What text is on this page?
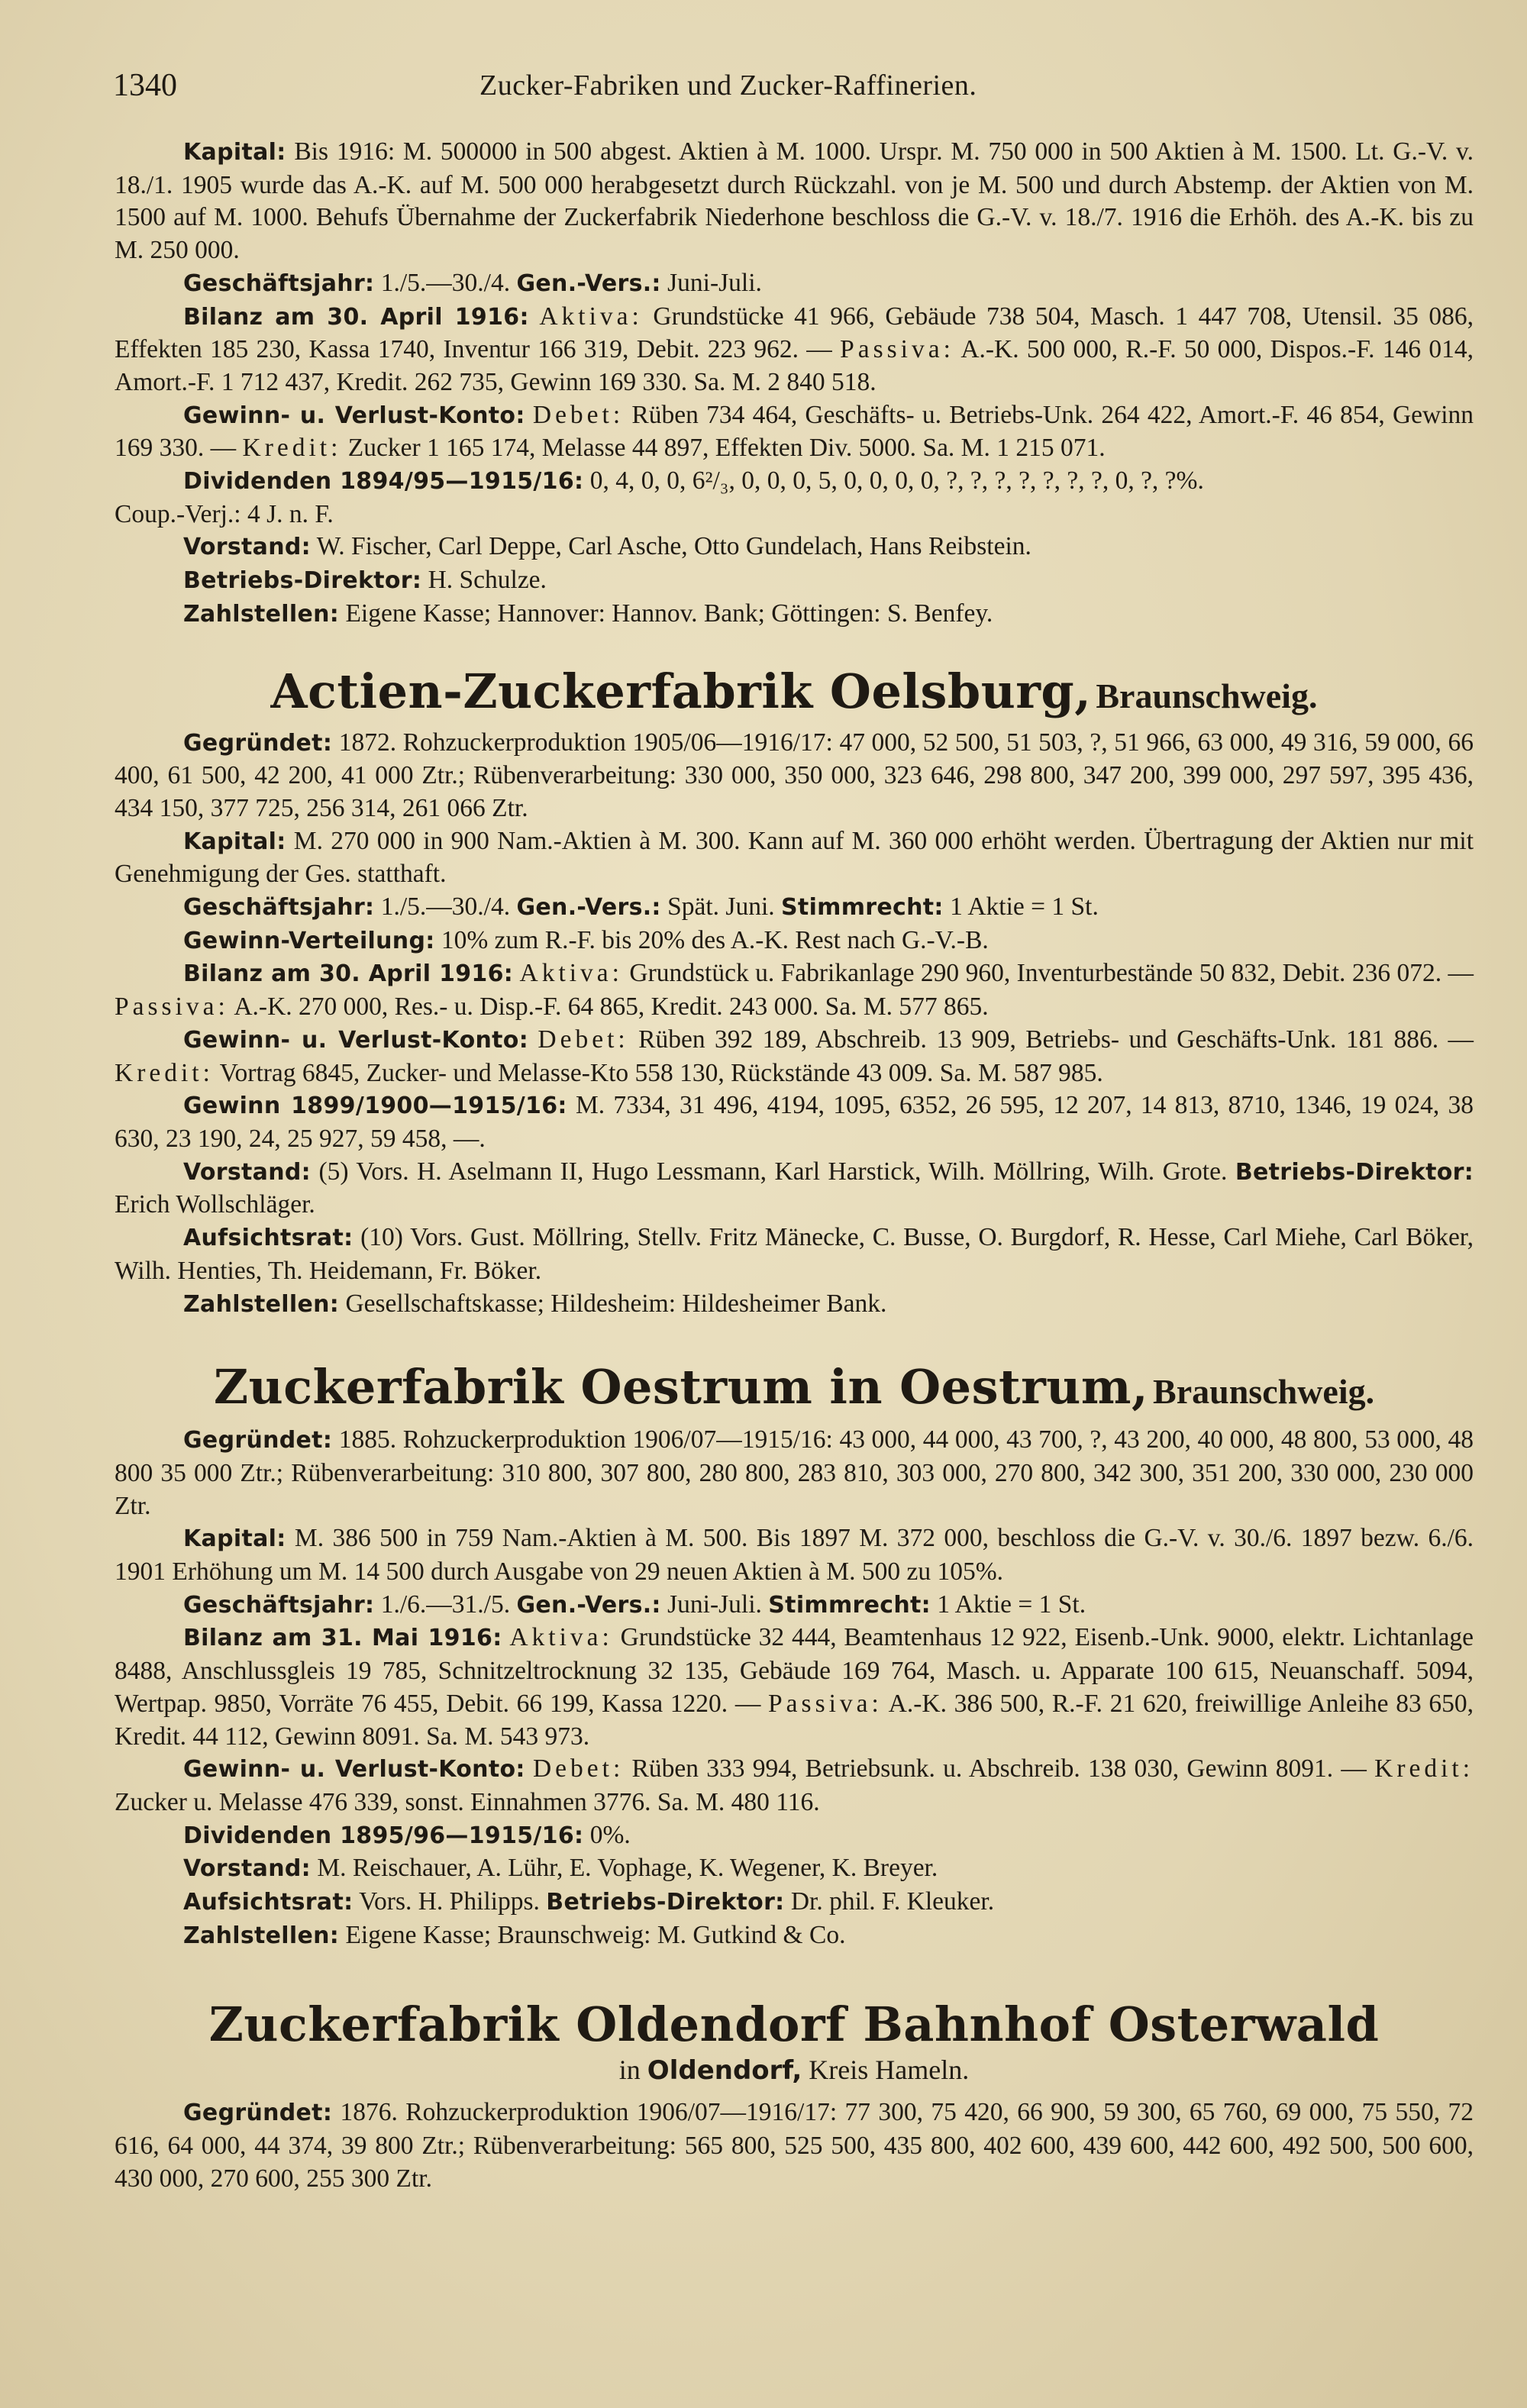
1340	Zucker-Fabriken und Zucker-Raffinerien.

Kapital: Bis 1916: M. 500000 in 500 abgest. Aktien à M. 1000. Urspr. M. 750 000 in 500 Aktien à M. 1500. Lt. G.-V. v. 18./1. 1905 wurde das A.-K. auf M. 500 000 herabgesetzt durch Rückzahl. von je M. 500 und durch Abstemp. der Aktien von M. 1500 auf M. 1000. Behufs Übernahme der Zuckerfabrik Niederhone beschloss die G.-V. v. 18./7. 1916 die Erhöh. des A.-K. bis zu M. 250 000.

Geschäftsjahr: 1./5.—30./4. Gen.-Vers.: Juni-Juli.

Bilanz am 30. April 1916: Aktiva: Grundstücke 41 966, Gebäude 738 504, Masch. 1 447 708, Utensil. 35 086, Effekten 185 230, Kassa 1740, Inventur 166 319, Debit. 223 962. — Passiva: A.-K. 500 000, R.-F. 50 000, Dispos.-F. 146 014, Amort.-F. 1 712 437, Kredit. 262 735, Gewinn 169 330. Sa. M. 2 840 518.

Gewinn- u. Verlust-Konto: Debet: Rüben 734 464, Geschäfts- u. Betriebs-Unk. 264 422, Amort.-F. 46 854, Gewinn 169 330. — Kredit: Zucker 1 165 174, Melasse 44 897, Effekten Div. 5000. Sa. M. 1 215 071.

Dividenden 1894/95—1915/16: 0, 4, 0, 0, 6²/₃, 0, 0, 0, 5, 0, 0, 0, 0, ?, ?, ?, ?, ?, ?, ?, 0, ?, ?%.

Coup.-Verj.: 4 J. n. F.

Vorstand: W. Fischer, Carl Deppe, Carl Asche, Otto Gundelach, Hans Reibstein.

Betriebs-Direktor: H. Schulze.

Zahlstellen: Eigene Kasse; Hannover: Hannov. Bank; Göttingen: S. Benfey.

Actien-Zuckerfabrik Oelsburg, Braunschweig.

Gegründet: 1872. Rohzuckerproduktion 1905/06—1916/17: 47 000, 52 500, 51 503, ?, 51 966, 63 000, 49 316, 59 000, 66 400, 61 500, 42 200, 41 000 Ztr.; Rübenverarbeitung: 330 000, 350 000, 323 646, 298 800, 347 200, 399 000, 297 597, 395 436, 434 150, 377 725, 256 314, 261 066 Ztr.

Kapital: M. 270 000 in 900 Nam.-Aktien à M. 300. Kann auf M. 360 000 erhöht werden. Übertragung der Aktien nur mit Genehmigung der Ges. statthaft.

Geschäftsjahr: 1./5.—30./4. Gen.-Vers.: Spät. Juni. Stimmrecht: 1 Aktie = 1 St.

Gewinn-Verteilung: 10% zum R.-F. bis 20% des A.-K. Rest nach G.-V.-B.

Bilanz am 30. April 1916: Aktiva: Grundstück u. Fabrikanlage 290 960, Inventurbestände 50 832, Debit. 236 072. — Passiva: A.-K. 270 000, Res.- u. Disp.-F. 64 865, Kredit. 243 000. Sa. M. 577 865.

Gewinn- u. Verlust-Konto: Debet: Rüben 392 189, Abschreib. 13 909, Betriebs- und Geschäfts-Unk. 181 886. — Kredit: Vortrag 6845, Zucker- und Melasse-Kto 558 130, Rückstände 43 009. Sa. M. 587 985.

Gewinn 1899/1900—1915/16: M. 7334, 31 496, 4194, 1095, 6352, 26 595, 12 207, 14 813, 8710, 1346, 19 024, 38 630, 23 190, 24, 25 927, 59 458, —.

Vorstand: (5) Vors. H. Aselmann II, Hugo Lessmann, Karl Harstick, Wilh. Möllring, Wilh. Grote. Betriebs-Direktor: Erich Wollschläger.

Aufsichtsrat: (10) Vors. Gust. Möllring, Stellv. Fritz Mänecke, C. Busse, O. Burgdorf, R. Hesse, Carl Miehe, Carl Böker, Wilh. Henties, Th. Heidemann, Fr. Böker.

Zahlstellen: Gesellschaftskasse; Hildesheim: Hildesheimer Bank.

Zuckerfabrik Oestrum in Oestrum, Braunschweig.

Gegründet: 1885. Rohzuckerproduktion 1906/07—1915/16: 43 000, 44 000, 43 700, ?, 43 200, 40 000, 48 800, 53 000, 48 800 35 000 Ztr.; Rübenverarbeitung: 310 800, 307 800, 280 800, 283 810, 303 000, 270 800, 342 300, 351 200, 330 000, 230 000 Ztr.

Kapital: M. 386 500 in 759 Nam.-Aktien à M. 500. Bis 1897 M. 372 000, beschloss die G.-V. v. 30./6. 1897 bezw. 6./6. 1901 Erhöhung um M. 14 500 durch Ausgabe von 29 neuen Aktien à M. 500 zu 105%.

Geschäftsjahr: 1./6.—31./5. Gen.-Vers.: Juni-Juli. Stimmrecht: 1 Aktie = 1 St.

Bilanz am 31. Mai 1916: Aktiva: Grundstücke 32 444, Beamtenhaus 12 922, Eisenb.-Unk. 9000, elektr. Lichtanlage 8488, Anschlussgleis 19 785, Schnitzeltrocknung 32 135, Gebäude 169 764, Masch. u. Apparate 100 615, Neuanschaff. 5094, Wertpap. 9850, Vorräte 76 455, Debit. 66 199, Kassa 1220. — Passiva: A.-K. 386 500, R.-F. 21 620, freiwillige Anleihe 83 650, Kredit. 44 112, Gewinn 8091. Sa. M. 543 973.

Gewinn- u. Verlust-Konto: Debet: Rüben 333 994, Betriebsunk. u. Abschreib. 138 030, Gewinn 8091. — Kredit: Zucker u. Melasse 476 339, sonst. Einnahmen 3776. Sa. M. 480 116.

Dividenden 1895/96—1915/16: 0%.

Vorstand: M. Reischauer, A. Lühr, E. Vophage, K. Wegener, K. Breyer.

Aufsichtsrat: Vors. H. Philipps. Betriebs-Direktor: Dr. phil. F. Kleuker.

Zahlstellen: Eigene Kasse; Braunschweig: M. Gutkind & Co.

Zuckerfabrik Oldendorf Bahnhof Osterwald

in Oldendorf, Kreis Hameln.

Gegründet: 1876. Rohzuckerproduktion 1906/07—1916/17: 77 300, 75 420, 66 900, 59 300, 65 760, 69 000, 75 550, 72 616, 64 000, 44 374, 39 800 Ztr.; Rübenverarbeitung: 565 800, 525 500, 435 800, 402 600, 439 600, 442 600, 492 500, 500 600, 430 000, 270 600, 255 300 Ztr.
